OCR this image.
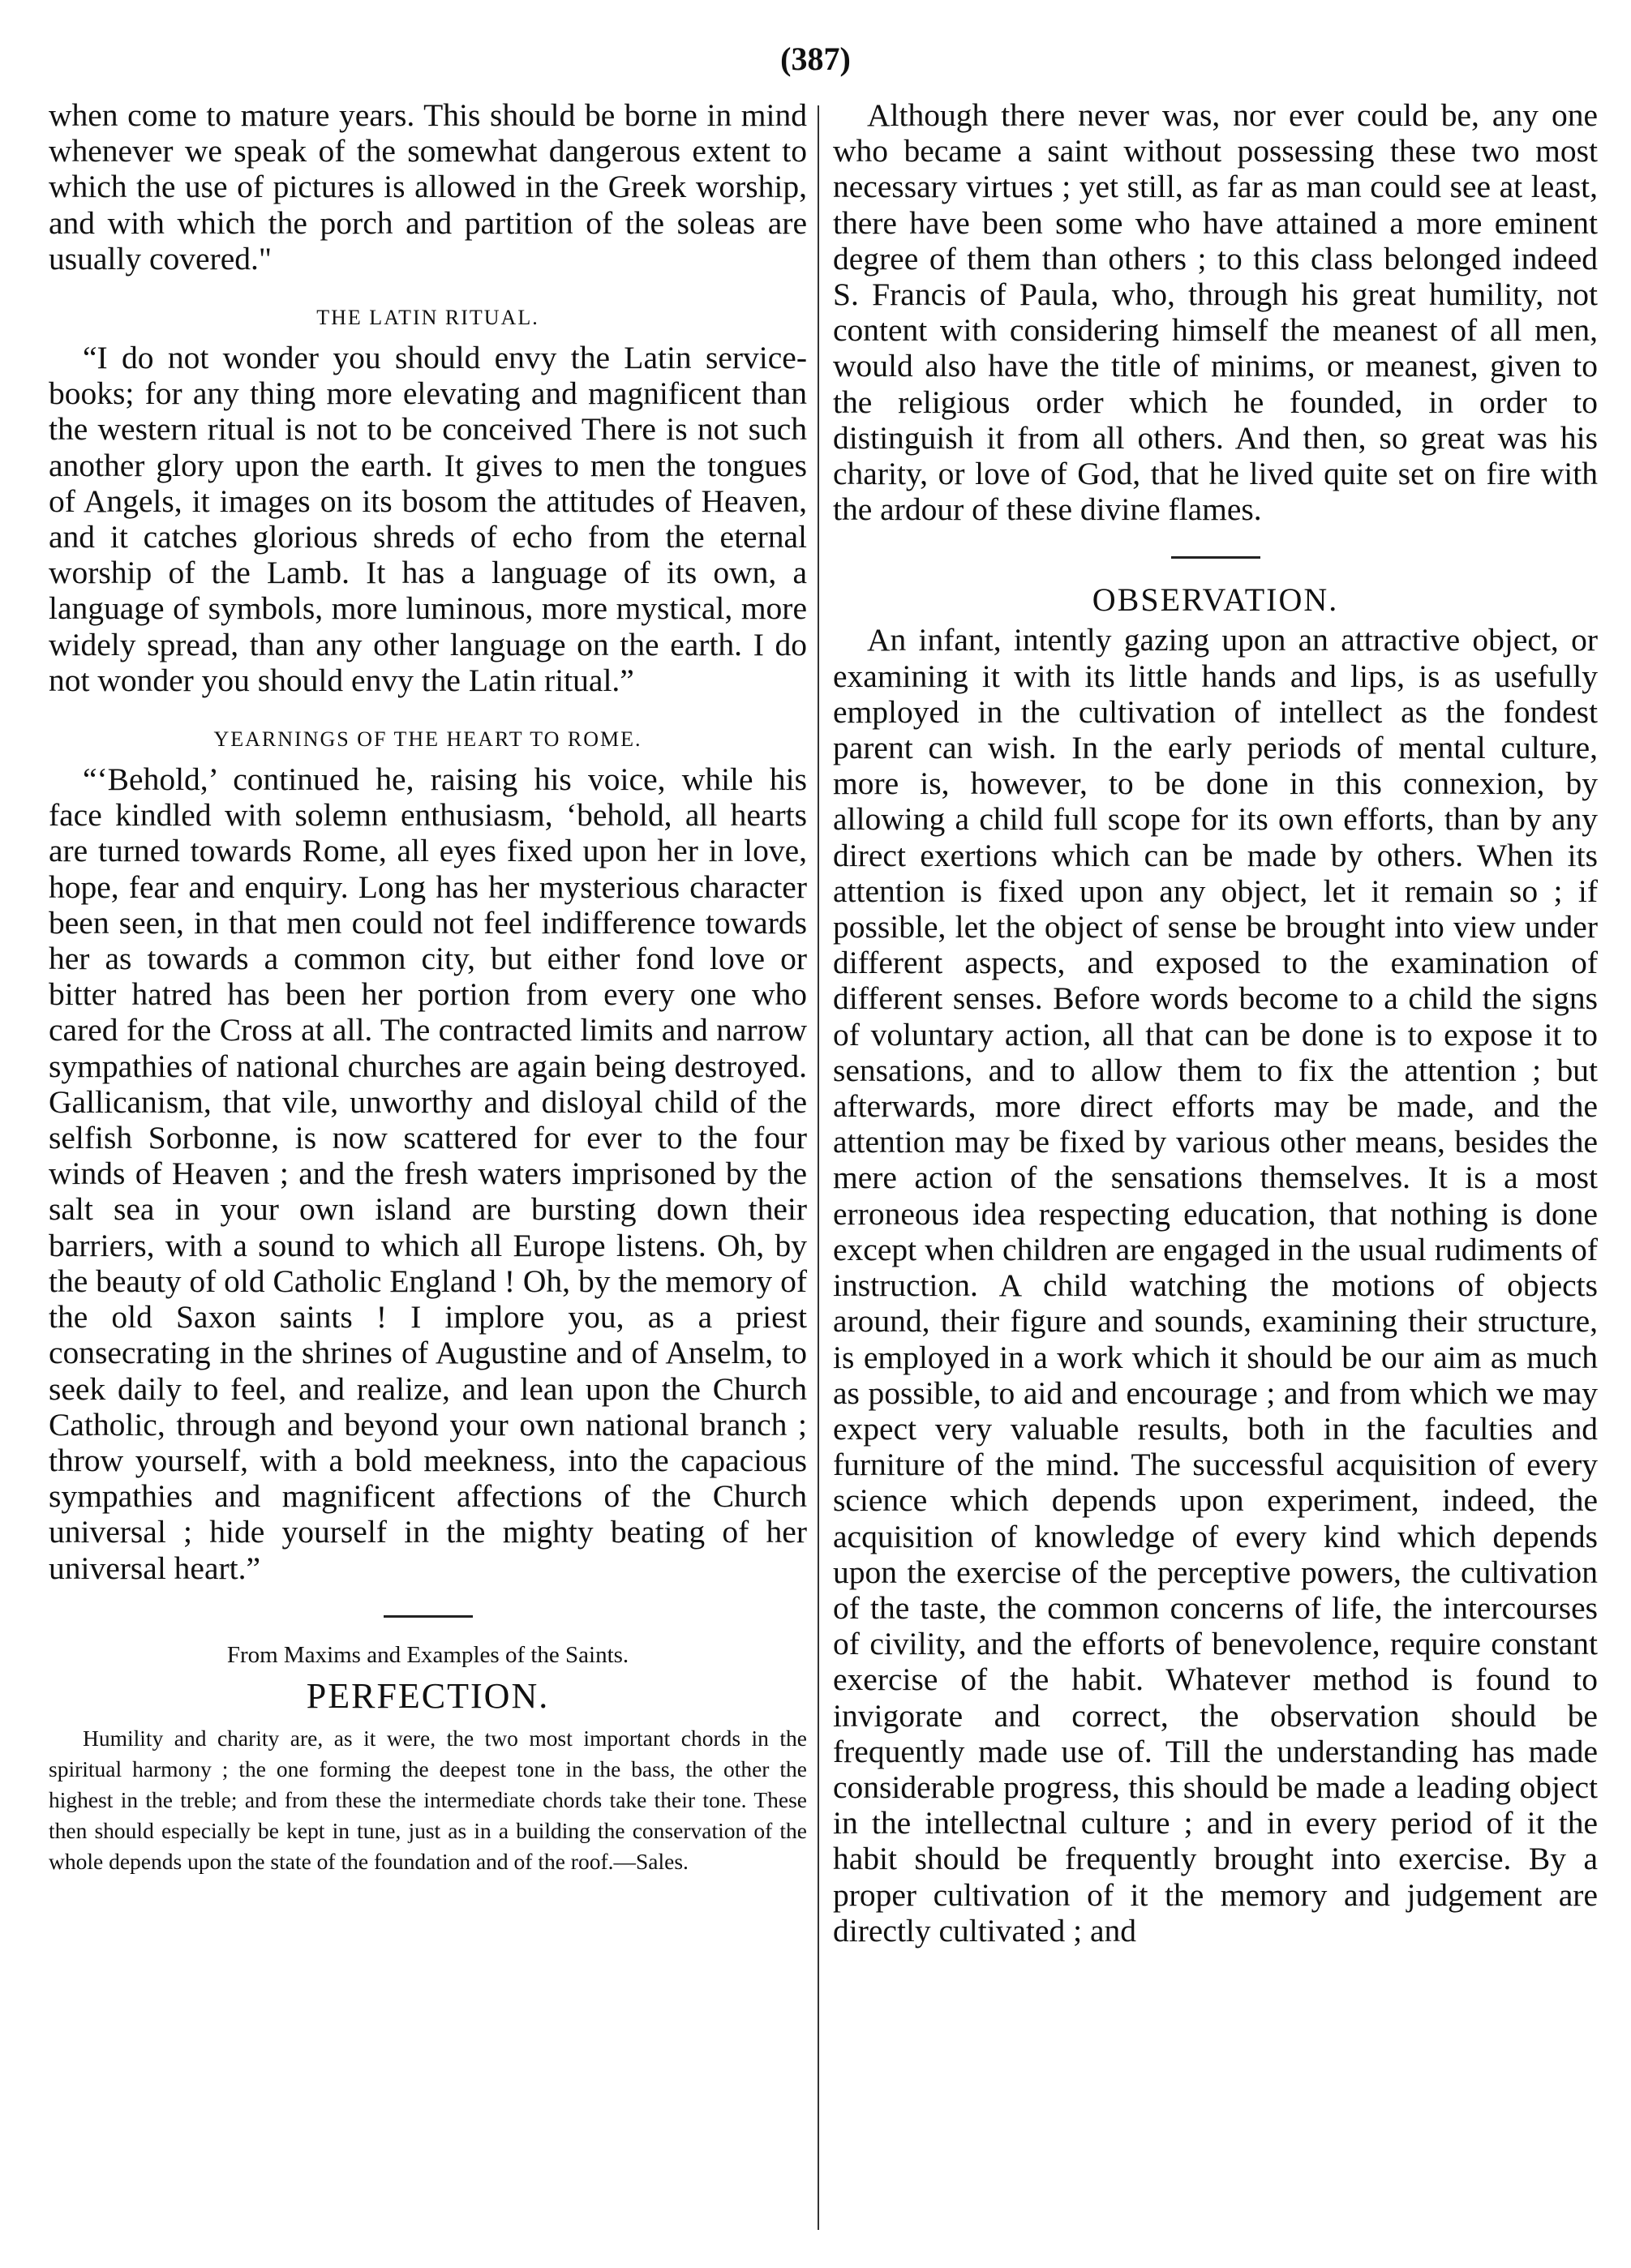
(387)

when come to mature years. This should be borne in mind whenever we speak of the somewhat dangerous extent to which the use of pictures is allowed in the Greek worship, and with which the porch and partition of the soleas are usually covered."

THE LATIN RITUAL.

“I do not wonder you should envy the Latin service-books; for any thing more elevating and magnificent than the western ritual is not to be conceived There is not such another glory upon the earth. It gives to men the tongues of Angels, it images on its bosom the attitudes of Heaven, and it catches glorious shreds of echo from the eternal worship of the Lamb. It has a language of its own, a language of symbols, more luminous, more mystical, more widely spread, than any other language on the earth. I do not wonder you should envy the Latin ritual.”

YEARNINGS OF THE HEART TO ROME.

“‘Behold,’ continued he, raising his voice, while his face kindled with solemn enthusiasm, ‘behold, all hearts are turned towards Rome, all eyes fixed upon her in love, hope, fear and enquiry. Long has her mysterious character been seen, in that men could not feel indifference towards her as towards a common city, but either fond love or bitter hatred has been her portion from every one who cared for the Cross at all. The contracted limits and narrow sympathies of national churches are again being destroyed. Gallicanism, that vile, unworthy and disloyal child of the selfish Sorbonne, is now scattered for ever to the four winds of Heaven ; and the fresh waters imprisoned by the salt sea in your own island are bursting down their barriers, with a sound to which all Europe listens. Oh, by the beauty of old Catholic England ! Oh, by the memory of the old Saxon saints ! I implore you, as a priest consecrating in the shrines of Augustine and of Anselm, to seek daily to feel, and realize, and lean upon the Church Catholic, through and beyond your own national branch ; throw yourself, with a bold meekness, into the capacious sympathies and magnificent affections of the Church universal ; hide yourself in the mighty beating of her universal heart.”

From Maxims and Examples of the Saints.
PERFECTION.

Humility and charity are, as it were, the two most important chords in the spiritual harmony ; the one forming the deepest tone in the bass, the other the highest in the treble; and from these the intermediate chords take their tone. These then should especially be kept in tune, just as in a building the conservation of the whole depends upon the state of the foundation and of the roof.—Sales.

Although there never was, nor ever could be, any one who became a saint without possessing these two most necessary virtues ; yet still, as far as man could see at least, there have been some who have attained a more eminent degree of them than others ; to this class belonged indeed S. Francis of Paula, who, through his great humility, not content with considering himself the meanest of all men, would also have the title of minims, or meanest, given to the religious order which he founded, in order to distinguish it from all others. And then, so great was his charity, or love of God, that he lived quite set on fire with the ardour of these divine flames.

OBSERVATION.

An infant, intently gazing upon an attractive object, or examining it with its little hands and lips, is as usefully employed in the cultivation of intellect as the fondest parent can wish. In the early periods of mental culture, more is, however, to be done in this connexion, by allowing a child full scope for its own efforts, than by any direct exertions which can be made by others. When its attention is fixed upon any object, let it remain so ; if possible, let the object of sense be brought into view under different aspects, and exposed to the examination of different senses. Before words become to a child the signs of voluntary action, all that can be done is to expose it to sensations, and to allow them to fix the attention ; but afterwards, more direct efforts may be made, and the attention may be fixed by various other means, besides the mere action of the sensations themselves. It is a most erroneous idea respecting education, that nothing is done except when children are engaged in the usual rudiments of instruction. A child watching the motions of objects around, their figure and sounds, examining their structure, is employed in a work which it should be our aim as much as possible, to aid and encourage ; and from which we may expect very valuable results, both in the faculties and furniture of the mind. The successful acquisition of every science which depends upon experiment, indeed, the acquisition of knowledge of every kind which depends upon the exercise of the perceptive powers, the cultivation of the taste, the common concerns of life, the intercourses of civility, and the efforts of benevolence, require constant exercise of the habit. Whatever method is found to invigorate and correct, the observation should be frequently made use of. Till the understanding has made considerable progress, this should be made a leading object in the intellectnal culture ; and in every period of it the habit should be frequently brought into exercise. By a proper cultivation of it the memory and judgement are directly cultivated ; and
